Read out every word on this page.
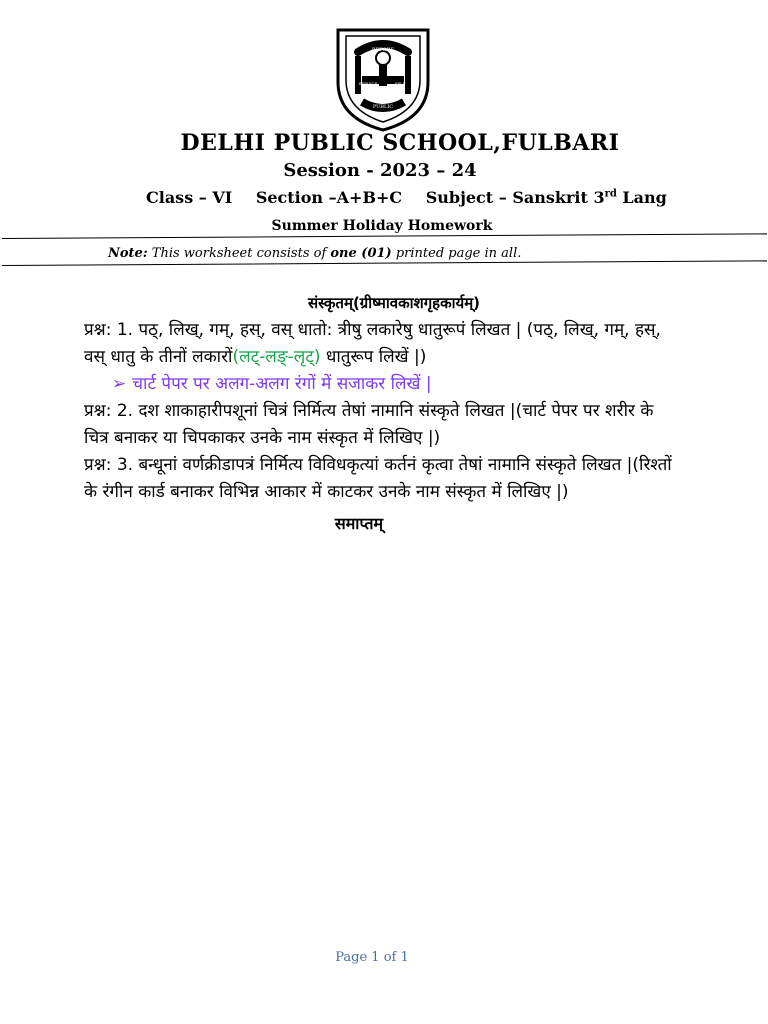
BEFORE
SERVICE	SELF
PUBLIC
DELHI PUBLIC SCHOOL,FULBARI
Session - 2023 – 24
Class – VI Section –A+B+C Subject – Sanskrit 3rd Lang
Summer Holiday Homework
Note: This worksheet consists of one (01) printed page in all.
संस्कृतम्(ग्रीष्मावकाशगृहकार्यम्)
प्रश्न: 1. पठ्, लिख्, गम्, हस्, वस् धातो: त्रीषु लकारेषु धातुरूपं लिखत | (पठ्, लिख्, गम्, हस्, वस् धातु के तीनों लकारों(लट्-लङ्-लृट्) धातुरूप लिखें |)
➢ चार्ट पेपर पर अलग-अलग रंगों में सजाकर लिखें |
प्रश्न: 2. दश शाकाहारीपशूनां चित्रं निर्मित्य तेषां नामानि संस्कृते लिखत |(चार्ट पेपर पर शरीर के चित्र बनाकर या चिपकाकर उनके नाम संस्कृत में लिखिए |)
प्रश्न: 3. बन्धूनां वर्णक्रीडापत्रं निर्मित्य विविधकृत्यां कर्तनं कृत्वा तेषां नामानि संस्कृते लिखत |(रिश्तों के रंगीन कार्ड बनाकर विभिन्न आकार में काटकर उनके नाम संस्कृत में लिखिए |)
समाप्तम्
Page 1 of 1
